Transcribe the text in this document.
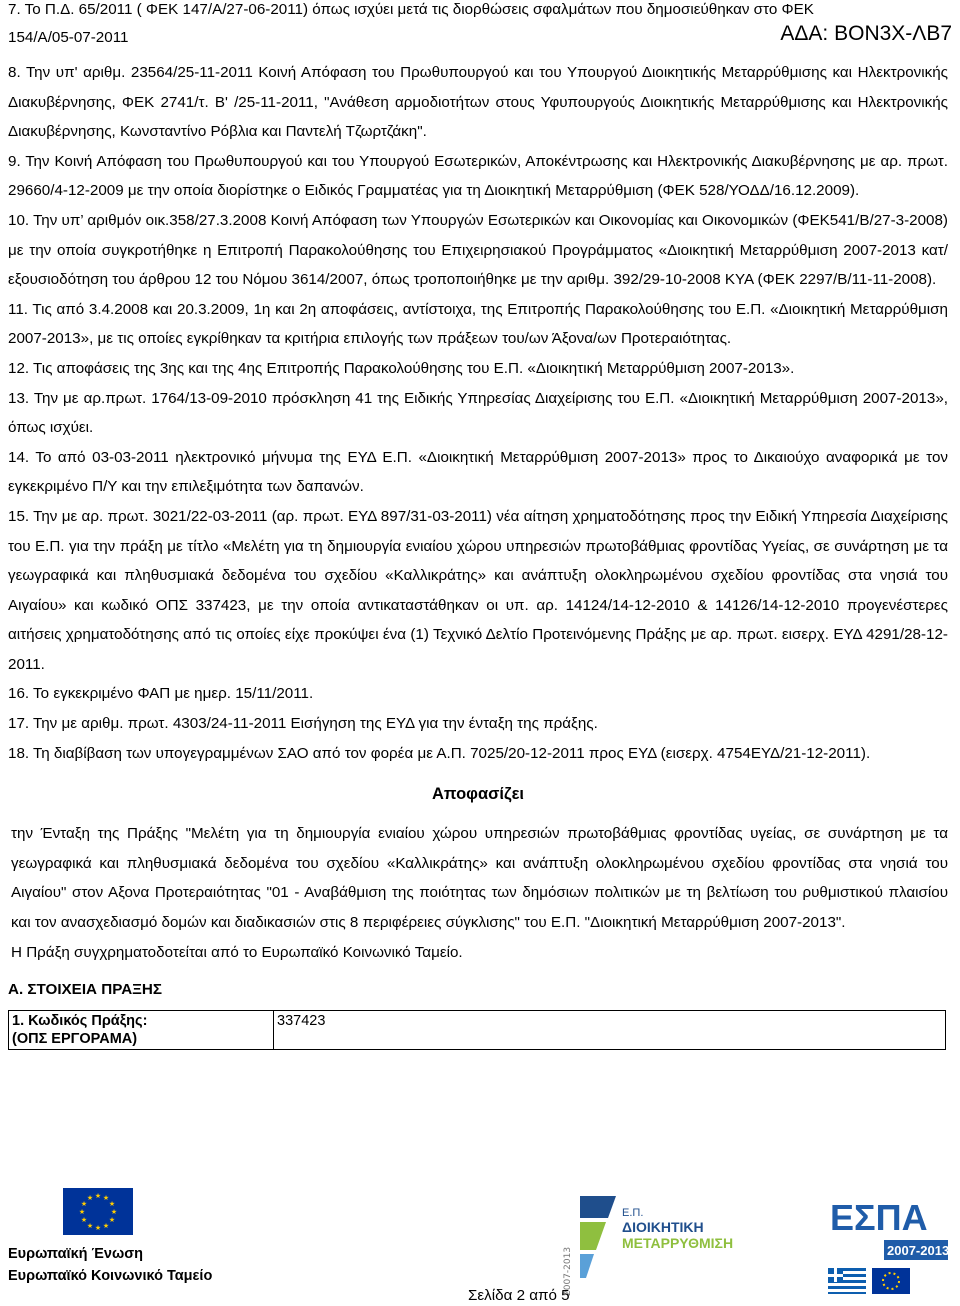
7. Το Π.Δ. 65/2011 ( ΦΕΚ 147/Α/27-06-2011) όπως ισχύει μετά τις διορθώσεις σφαλμάτων που δημοσιεύθηκαν στο ΦΕΚ
154/Α/05-07-2011	ΑΔΑ: ΒΟΝ3Χ-ΛΒ7

8. Την υπ' αριθμ. 23564/25-11-2011 Κοινή Απόφαση του Πρωθυπουργού και του Υπουργού Διοικητικής Μεταρρύθμισης και Ηλεκτρονικής Διακυβέρνησης, ΦΕΚ 2741/τ. Β' /25-11-2011, "Ανάθεση αρμοδιοτήτων στους Υφυπουργούς Διοικητικής Μεταρρύθμισης και Ηλεκτρονικής Διακυβέρνησης, Κωνσταντίνο Ρόβλια και Παντελή Τζωρτζάκη".

9. Την Κοινή Απόφαση του Πρωθυπουργού και του Υπουργού Εσωτερικών, Αποκέντρωσης και Ηλεκτρονικής Διακυβέρνησης με αρ. πρωτ. 29660/4-12-2009 με την οποία διορίστηκε ο Ειδικός Γραμματέας για τη Διοικητική Μεταρρύθμιση (ΦΕΚ 528/ΥΟΔΔ/16.12.2009).

10. Την υπ’ αριθμόν οικ.358/27.3.2008 Κοινή Απόφαση των Υπουργών Εσωτερικών και Οικονομίας και Οικονομικών (ΦΕΚ541/Β/27-3-2008) με την οποία συγκροτήθηκε η Επιτροπή Παρακολούθησης του Επιχειρησιακού Προγράμματος «Διοικητική Μεταρρύθμιση 2007-2013 κατ/ εξουσιοδότηση του άρθρου 12 του Νόμου 3614/2007, όπως τροποποιήθηκε με την αριθμ. 392/29-10-2008 ΚΥΑ (ΦΕΚ 2297/Β/11-11-2008).

11. Τις από 3.4.2008 και 20.3.2009, 1η και 2η αποφάσεις, αντίστοιχα, της Επιτροπής Παρακολούθησης του Ε.Π. «Διοικητική Μεταρρύθμιση 2007-2013», με τις οποίες εγκρίθηκαν τα κριτήρια επιλογής των πράξεων του/ων Άξονα/ων Προτεραιότητας.

12. Τις αποφάσεις της 3ης και της 4ης Επιτροπής Παρακολούθησης του Ε.Π. «Διοικητική Μεταρρύθμιση 2007-2013».

13. Την με αρ.πρωτ. 1764/13-09-2010 πρόσκληση 41 της Ειδικής Υπηρεσίας Διαχείρισης του Ε.Π. «Διοικητική Μεταρρύθμιση 2007-2013», όπως ισχύει.

14. Το από 03-03-2011 ηλεκτρονικό μήνυμα της ΕΥΔ Ε.Π. «Διοικητική Μεταρρύθμιση 2007-2013» προς το Δικαιούχο αναφορικά με τον εγκεκριμένο Π/Υ και την επιλεξιμότητα των δαπανών.

15. Την με αρ. πρωτ. 3021/22-03-2011 (αρ. πρωτ. ΕΥΔ 897/31-03-2011) νέα αίτηση χρηματοδότησης προς την Ειδική Υπηρεσία Διαχείρισης του Ε.Π. για την πράξη με τίτλο «Μελέτη για τη δημιουργία ενιαίου χώρου υπηρεσιών πρωτοβάθμιας φροντίδας Υγείας, σε συνάρτηση με τα γεωγραφικά και πληθυσμιακά δεδομένα του σχεδίου «Καλλικράτης» και ανάπτυξη ολοκληρωμένου σχεδίου φροντίδας στα νησιά του Αιγαίου» και κωδικό ΟΠΣ 337423, με την οποία αντικαταστάθηκαν οι υπ. αρ. 14124/14-12-2010 & 14126/14-12-2010 προγενέστερες αιτήσεις χρηματοδότησης από τις οποίες είχε προκύψει ένα (1) Τεχνικό Δελτίο Προτεινόμενης Πράξης με αρ. πρωτ. εισερχ. ΕΥΔ 4291/28-12-2011.

16. Το εγκεκριμένο ΦΑΠ με ημερ. 15/11/2011.

17. Την με αριθμ. πρωτ. 4303/24-11-2011 Εισήγηση της ΕΥΔ για την ένταξη της πράξης.

18. Τη διαβίβαση των υπογεγραμμένων ΣΑΟ από τον φορέα με Α.Π. 7025/20-12-2011 προς ΕΥΔ (εισερχ. 4754ΕΥΔ/21-12-2011).

Αποφασίζει

την Ένταξη της Πράξης "Μελέτη για τη δημιουργία ενιαίου χώρου υπηρεσιών πρωτοβάθμιας φροντίδας υγείας, σε συνάρτηση με τα γεωγραφικά και πληθυσμιακά δεδομένα του σχεδίου «Καλλικράτης» και ανάπτυξη ολοκληρωμένου σχεδίου φροντίδας στα νησιά του Αιγαίου" στον Αξονα Προτεραιότητας "01 - Αναβάθμιση της ποιότητας των δημόσιων πολιτικών με τη βελτίωση του ρυθμιστικού πλαισίου και τον ανασχεδιασμό δομών και διαδικασιών στις 8 περιφέρειες σύγκλισης" του Ε.Π. "Διοικητική Μεταρρύθμιση 2007-2013".

Η Πράξη συγχρηματοδοτείται από το Ευρωπαϊκό Κοινωνικό Ταμείο.

Α. ΣΤΟΙΧΕΙΑ ΠΡΑΞΗΣ

1. Κωδικός Πράξης:
(ΟΠΣ ΕΡΓΟΡΑΜΑ)
	337423
★ ★
★
★
★
★
★
★
★
★
★
★
Ευρωπαϊκή Ένωση
Ευρωπαϊκό Κοινωνικό Ταμείο
Σελίδα 2 από 5
2007-2013
Ε.Π.
ΔΙΟΙΚΗΤΙΚΗ
ΜΕΤΑΡΡΥΘΜΙΣΗ
ΕΣΠΑ
2007-2013
